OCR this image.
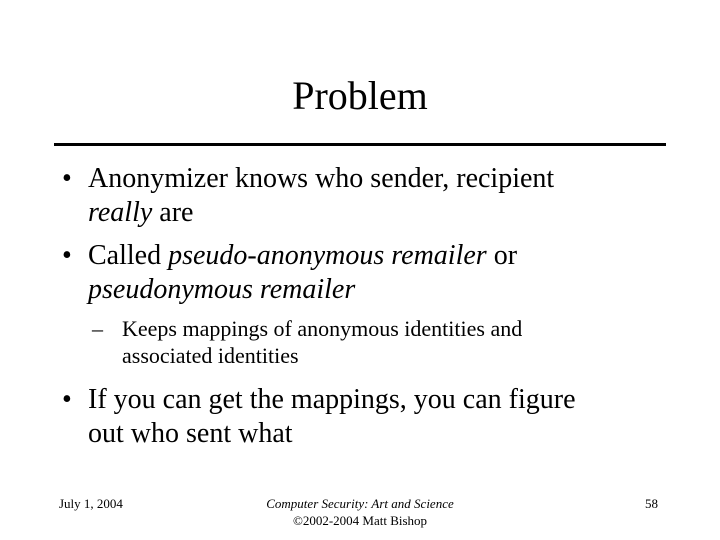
Problem
• Anonymizer knows who sender, recipient
really are
• Called pseudo-anonymous remailer or
pseudonymous remailer
– Keeps mappings of anonymous identities and
associated identities
• If you can get the mappings, you can figure
out who sent what
July 1, 2004	Computer Security: Art and Science
©2002-2004 Matt Bishop
58
